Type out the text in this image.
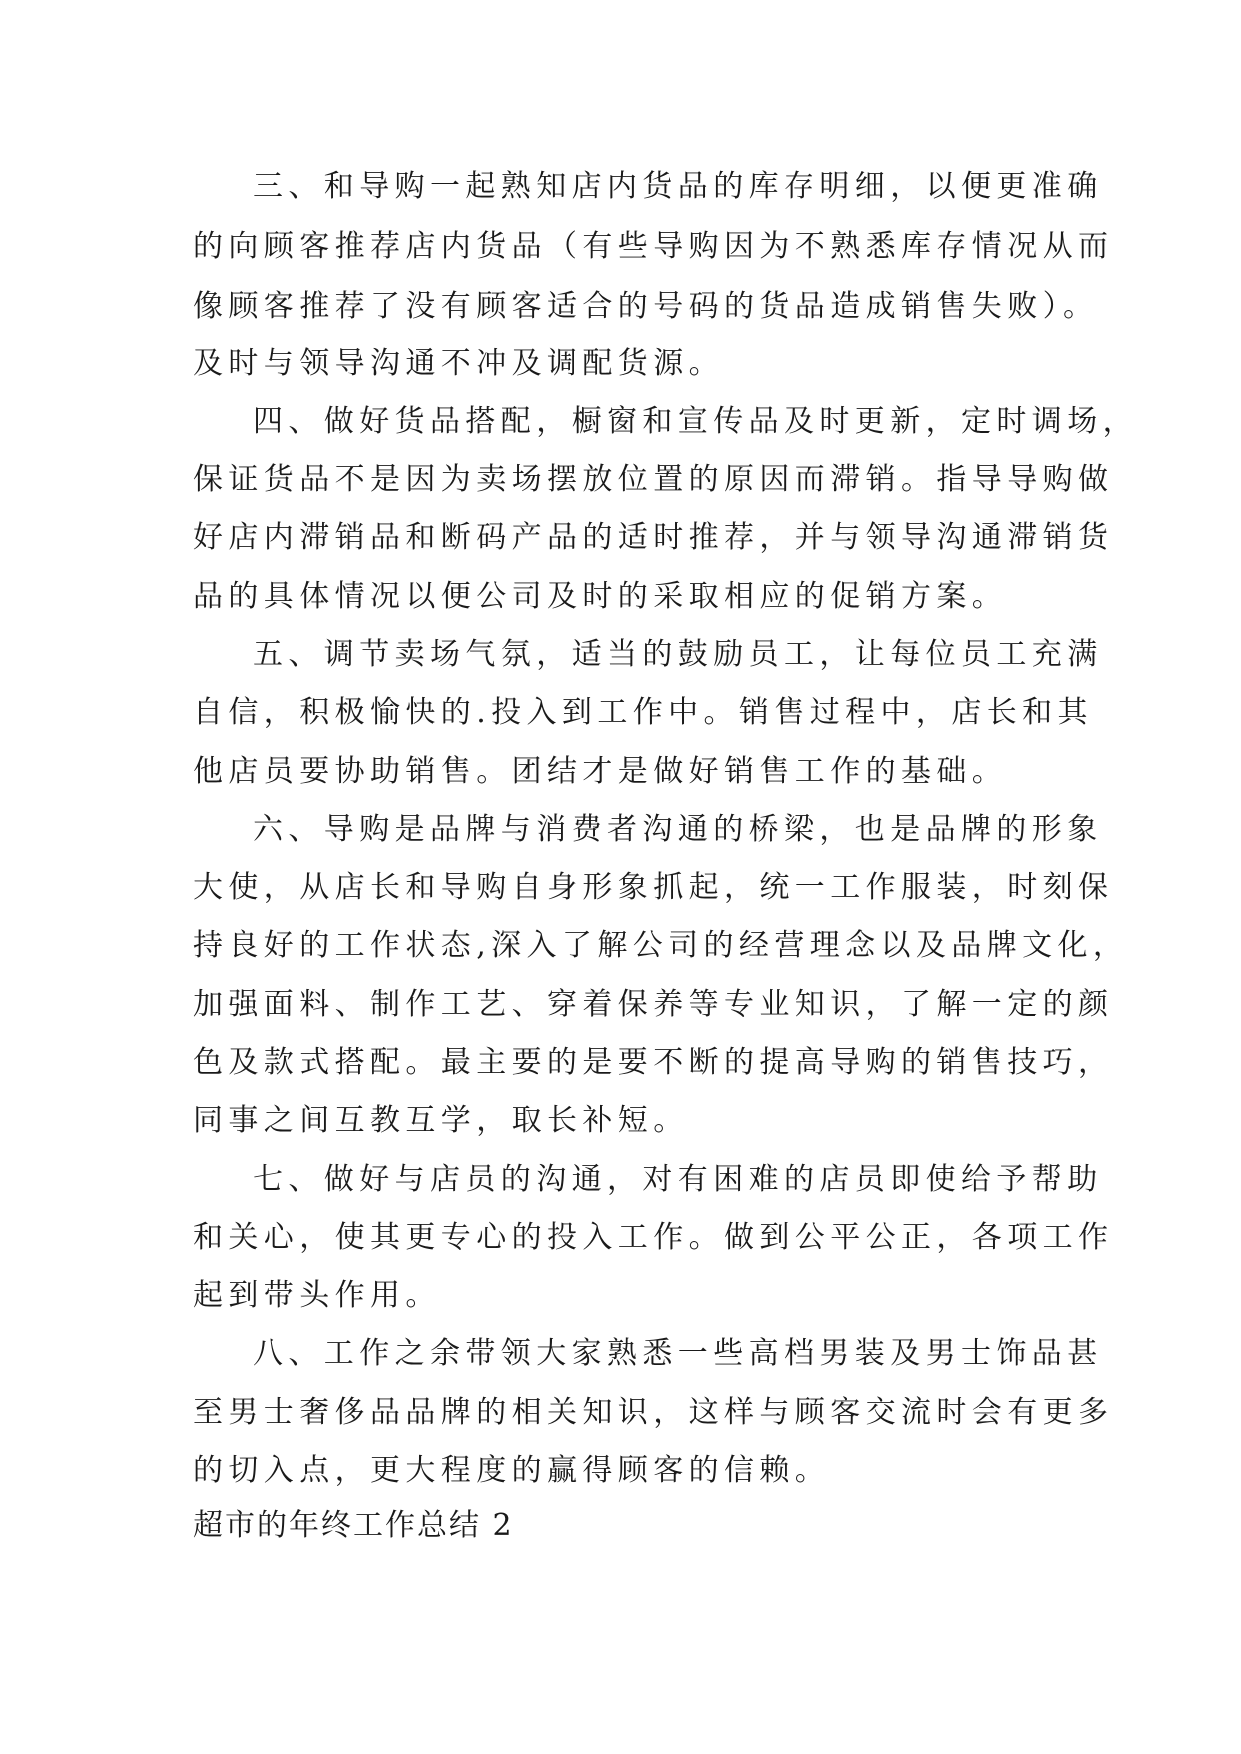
三、和导购一起熟知店内货品的库存明细，以便更准确
的向顾客推荐店内货品（有些导购因为不熟悉库存情况从而
像顾客推荐了没有顾客适合的号码的货品造成销售失败）。
及时与领导沟通不冲及调配货源。
四、做好货品搭配，橱窗和宣传品及时更新，定时调场，
保证货品不是因为卖场摆放位置的原因而滞销。指导导购做
好店内滞销品和断码产品的适时推荐，并与领导沟通滞销货
品的具体情况以便公司及时的采取相应的促销方案。
五、调节卖场气氛，适当的鼓励员工，让每位员工充满
自信，积极愉快的.投入到工作中。销售过程中，店长和其
他店员要协助销售。团结才是做好销售工作的基础。
六、导购是品牌与消费者沟通的桥梁，也是品牌的形象
大使，从店长和导购自身形象抓起，统一工作服装，时刻保
持良好的工作状态,深入了解公司的经营理念以及品牌文化，
加强面料、制作工艺、穿着保养等专业知识，了解一定的颜
色及款式搭配。最主要的是要不断的提高导购的销售技巧，
同事之间互教互学，取长补短。
七、做好与店员的沟通，对有困难的店员即使给予帮助
和关心，使其更专心的投入工作。做到公平公正，各项工作
起到带头作用。
八、工作之余带领大家熟悉一些高档男装及男士饰品甚
至男士奢侈品品牌的相关知识，这样与顾客交流时会有更多
的切入点，更大程度的赢得顾客的信赖。
超市的年终工作总结 2
